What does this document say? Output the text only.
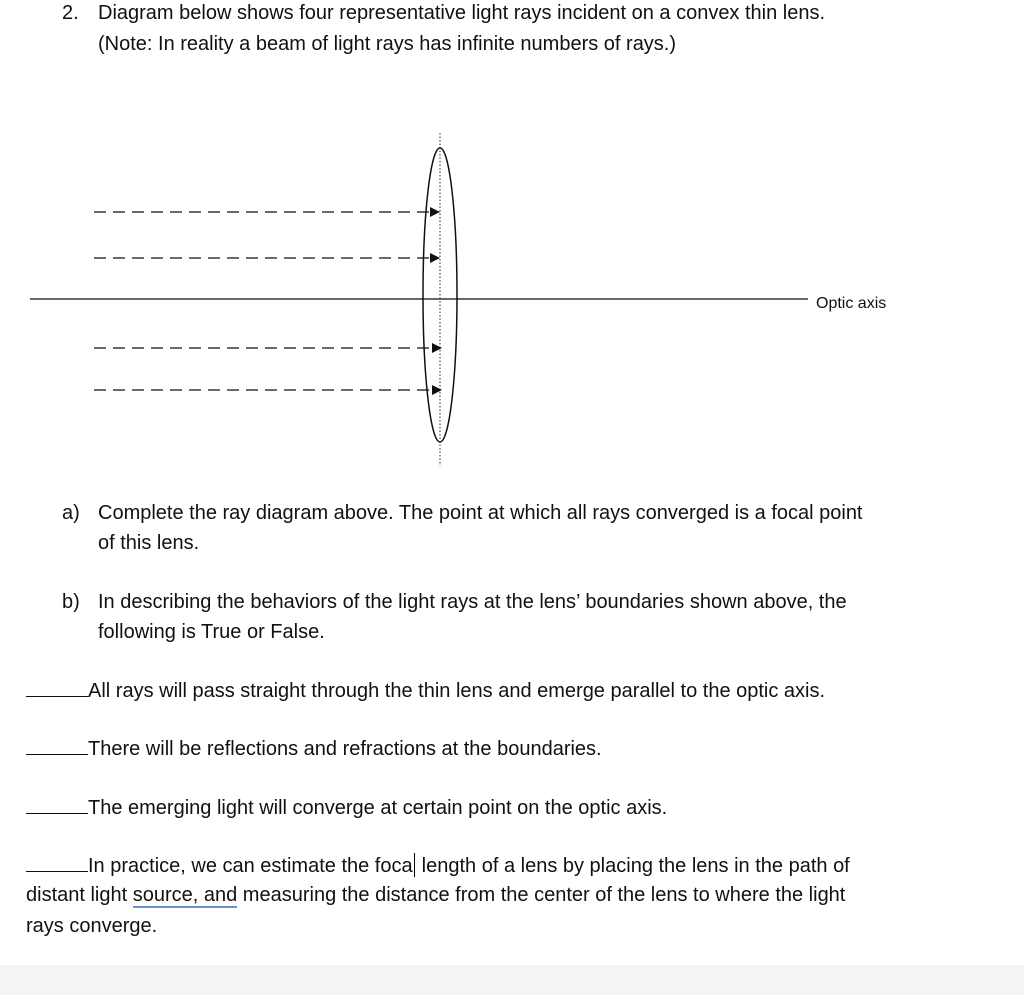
2. Diagram below shows four representative light rays incident on a convex thin lens.
(Note: In reality a beam of light rays has infinite numbers of rays.)
Optic axis
a) Complete the ray diagram above. The point at which all rays converged is a focal point
of this lens.
b) In describing the behaviors of the light rays at the lens’ boundaries shown above, the
following is True or False.
All rays will pass straight through the thin lens and emerge parallel to the optic axis.
There will be reflections and refractions at the boundaries.
The emerging light will converge at certain point on the optic axis.
In practice, we can estimate the foca length of a lens by placing the lens in the path of
distant light source, and measuring the distance from the center of the lens to where the light
rays converge.
